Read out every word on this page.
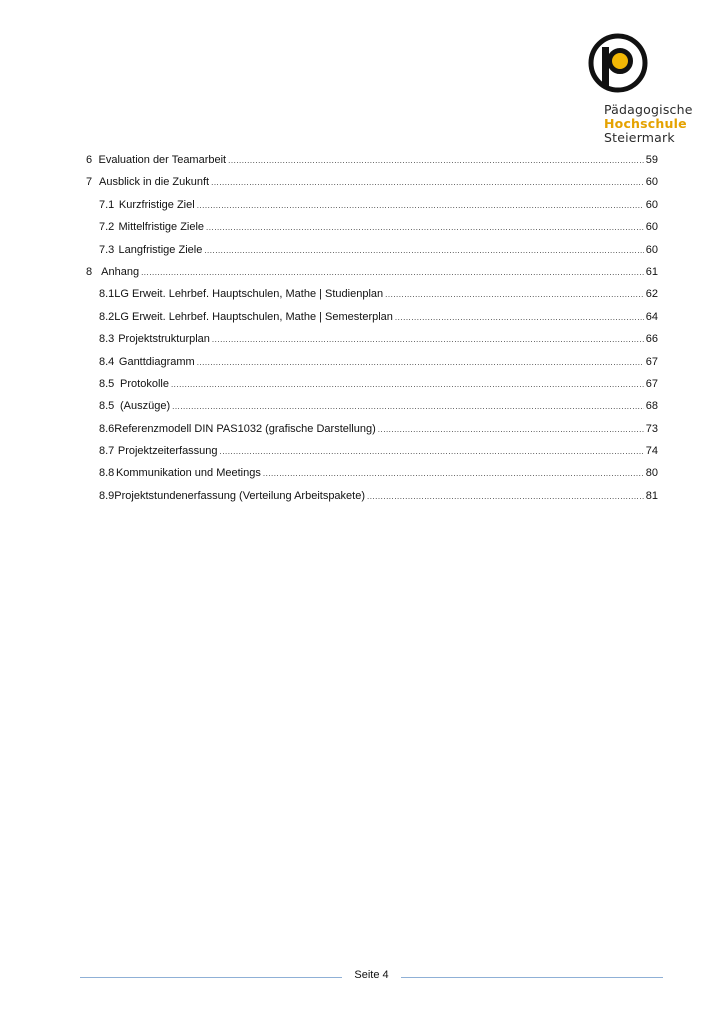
Pädagogische
Hochschule
Steiermark
6 Evaluation der Teamarbeit .....	59
7 Ausblick in die Zukunft .....	60
7.1 Kurzfristige Ziel .....	60
7.2 Mittelfristige Ziele .....	60
7.3 Langfristige Ziele .....	60
8 Anhang .....	61
8.1 LG Erweit. Lehrbef. Hauptschulen, Mathe | Studienplan .....	62
8.2 LG Erweit. Lehrbef. Hauptschulen, Mathe | Semesterplan .....	64
8.3 Projektstrukturplan .....	66
8.4 Ganttdiagramm .....	67
8.5 Protokolle .....	67
8.5 (Auszüge) .....	68
8.6 Referenzmodell DIN PAS1032 (grafische Darstellung) .....	73
8.7 Projektzeiterfassung .....	74
8.8 Kommunikation und Meetings .....	80
8.9 Projektstundenerfassung (Verteilung Arbeitspakete) .....	81
Seite 4
